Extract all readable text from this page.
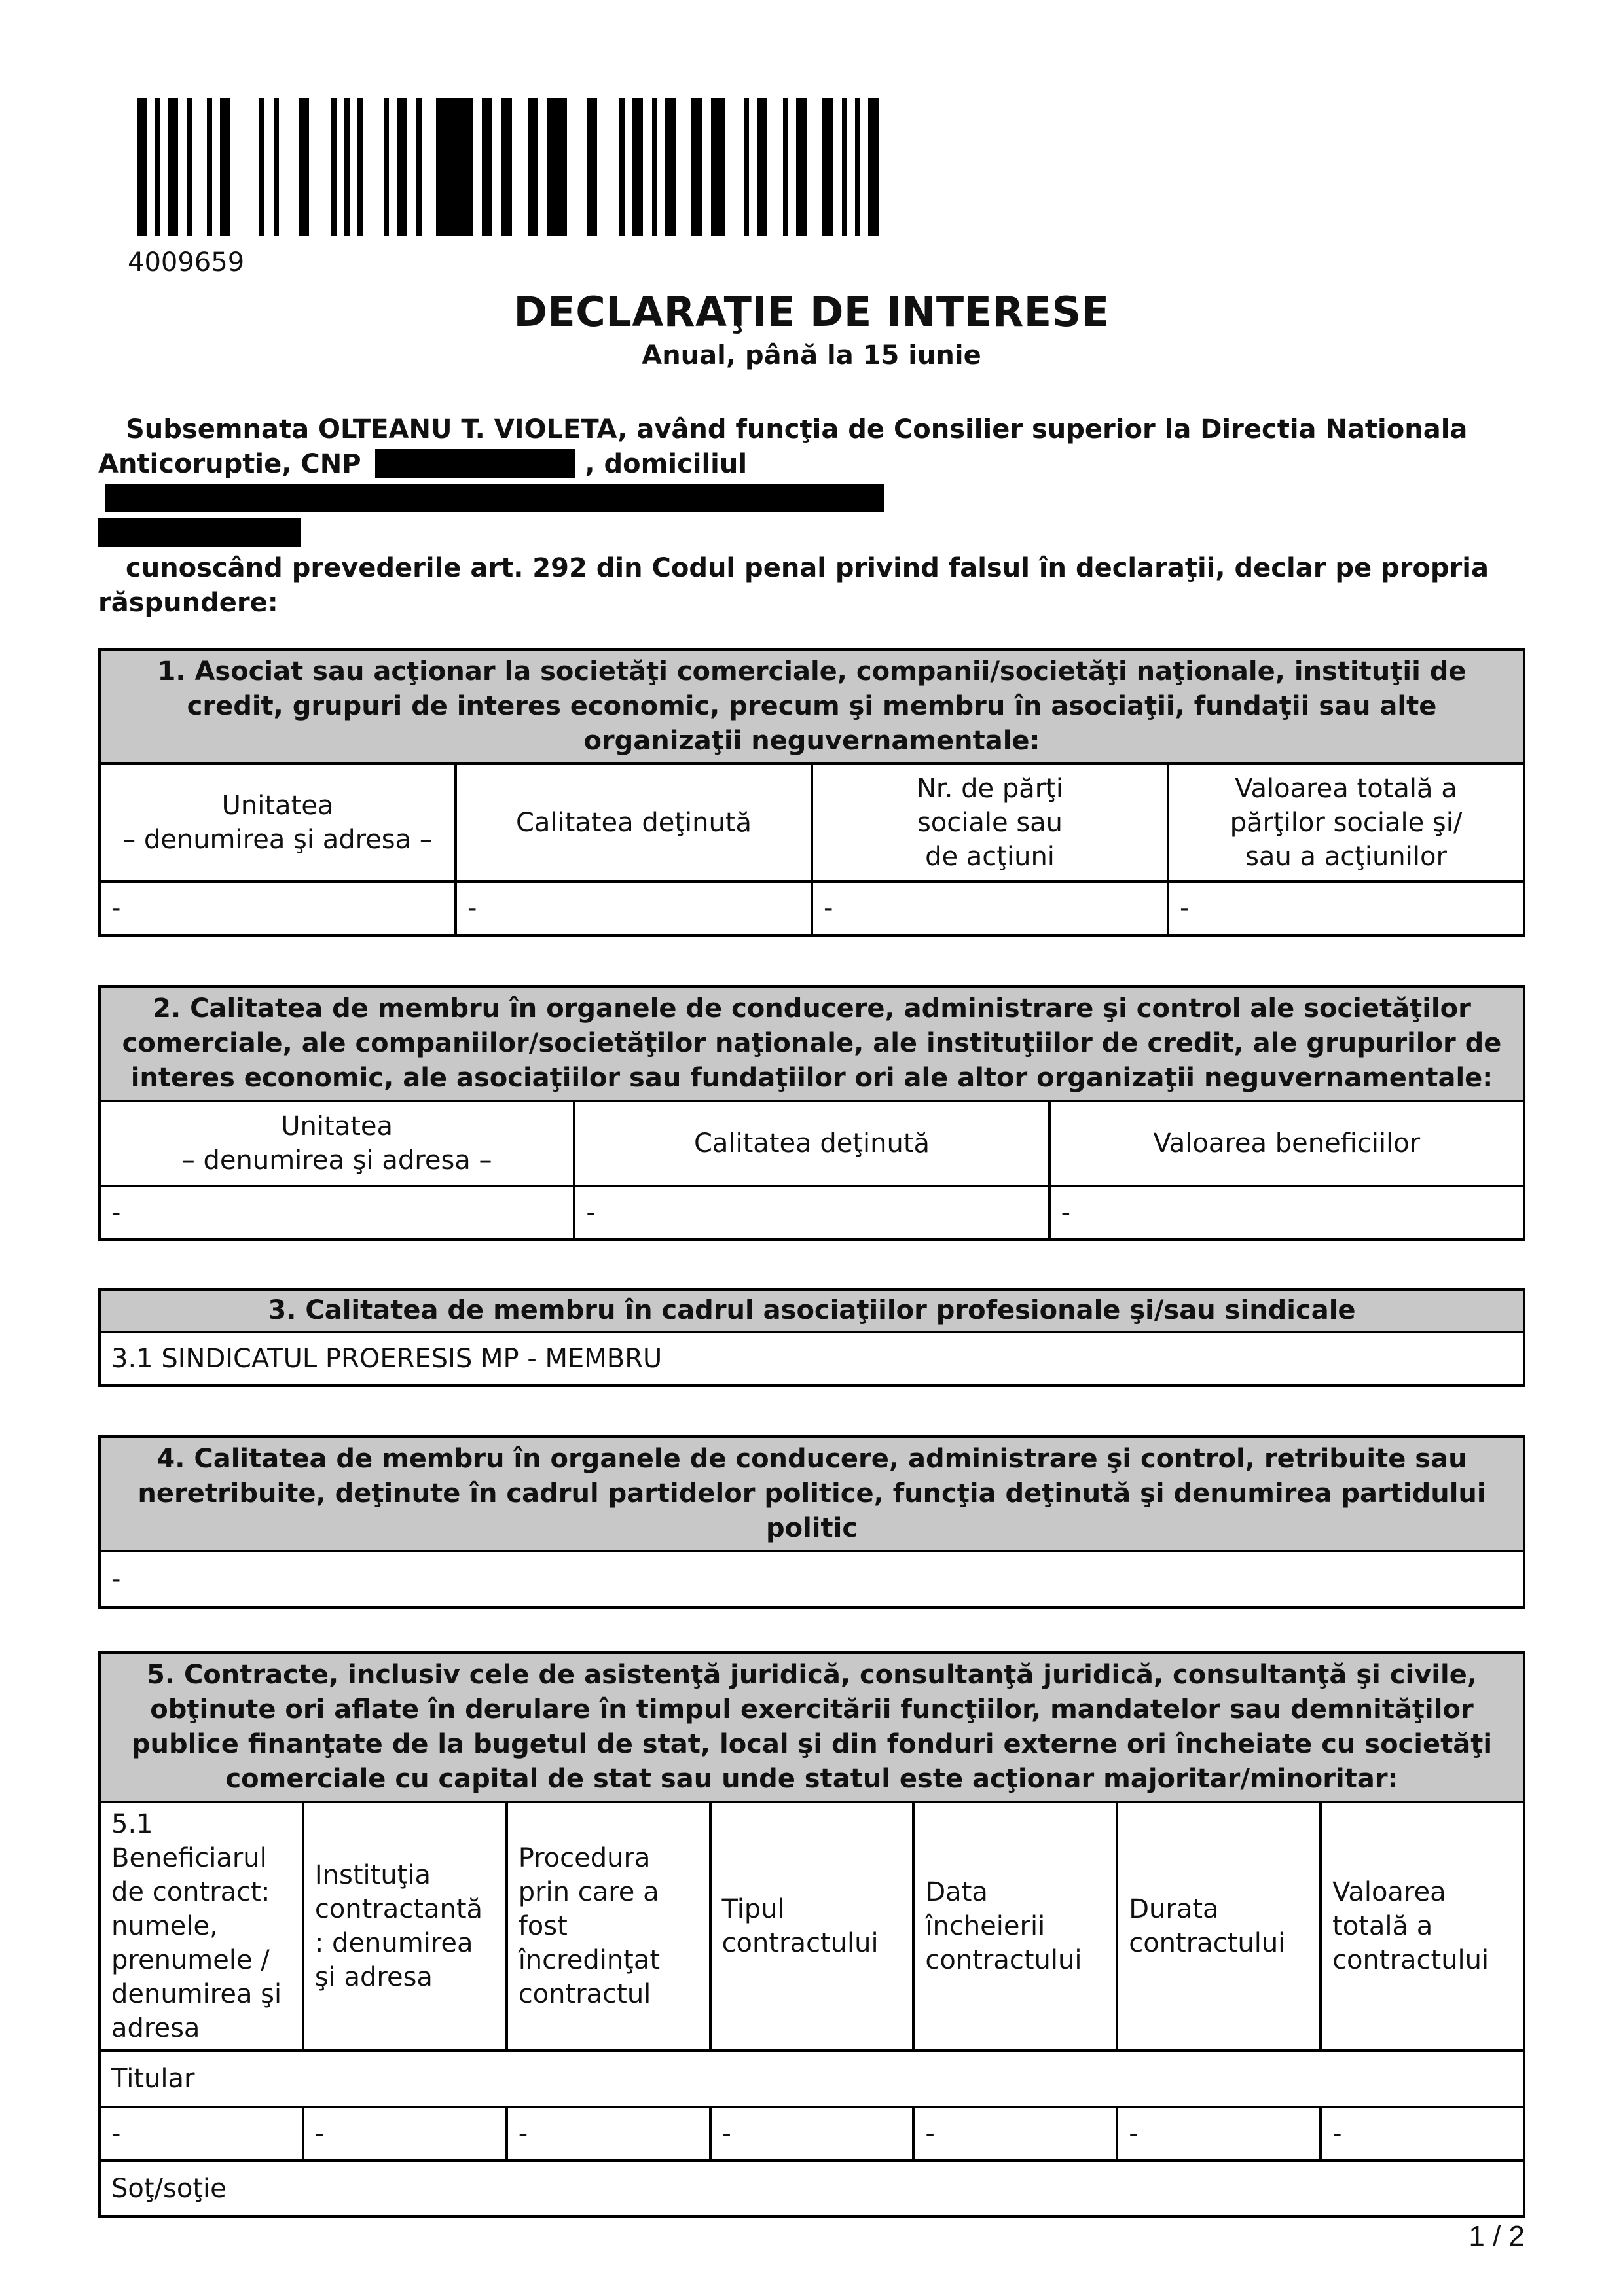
4009659
DECLARAŢIE DE INTERESE
Anual, până la 15 iunie

Subsemnata OLTEANU T. VIOLETA, având funcţia de Consilier superior la Directia Nationala

Anticoruptie, CNP	, domiciliul

cunoscând prevederile art. 292 din Codul penal privind falsul în declaraţii, declar pe propria

răspundere:

1. Asociat sau acţionar la societăţi comerciale, companii/societăţi naţionale, instituţii de credit, grupuri de interes economic, precum şi membru în asociaţii, fundaţii sau alte organizaţii neguvernamentale:			
Unitatea
– denumirea şi adresa –	Calitatea deţinută	Nr. de părţi
sociale sau
de acţiuni	Valoarea totală a
părţilor sociale şi/
sau a acţiunilor
-	-	-	-
2. Calitatea de membru în organele de conducere, administrare şi control ale societăţilor comerciale, ale companiilor/societăţilor naţionale, ale instituţiilor de credit, ale grupurilor de interes economic, ale asociaţiilor sau fundaţiilor ori ale altor organizaţii neguvernamentale:		
Unitatea
– denumirea şi adresa –	Calitatea deţinută	Valoarea beneficiilor
-	-	-
3. Calitatea de membru în cadrul asociaţiilor profesionale şi/sau sindicale
3.1 SINDICATUL PROERESIS MP - MEMBRU
4. Calitatea de membru în organele de conducere, administrare şi control, retribuite sau neretribuite, deţinute în cadrul partidelor politice, funcţia deţinută şi denumirea partidului politic
-
5. Contracte, inclusiv cele de asistenţă juridică, consultanţă juridică, consultanţă şi civile, obţinute ori aflate în derulare în timpul exercitării funcţiilor, mandatelor sau demnităţilor publice finanţate de la bugetul de stat, local şi din fonduri externe ori încheiate cu societăţi comerciale cu capital de stat sau unde statul este acţionar majoritar/minoritar:						
5.1 Beneficiarul de contract: numele, prenumele / denumirea şi adresa	Instituţia contractantă : denumirea şi adresa	Procedura prin care a fost încredinţat contractul	Tipul contractului	Data încheierii contractului	Durata contractului	Valoarea totală a contractului
Titular						
-	-	-	-	-	-	-
Soţ/soţie						
1 / 2
